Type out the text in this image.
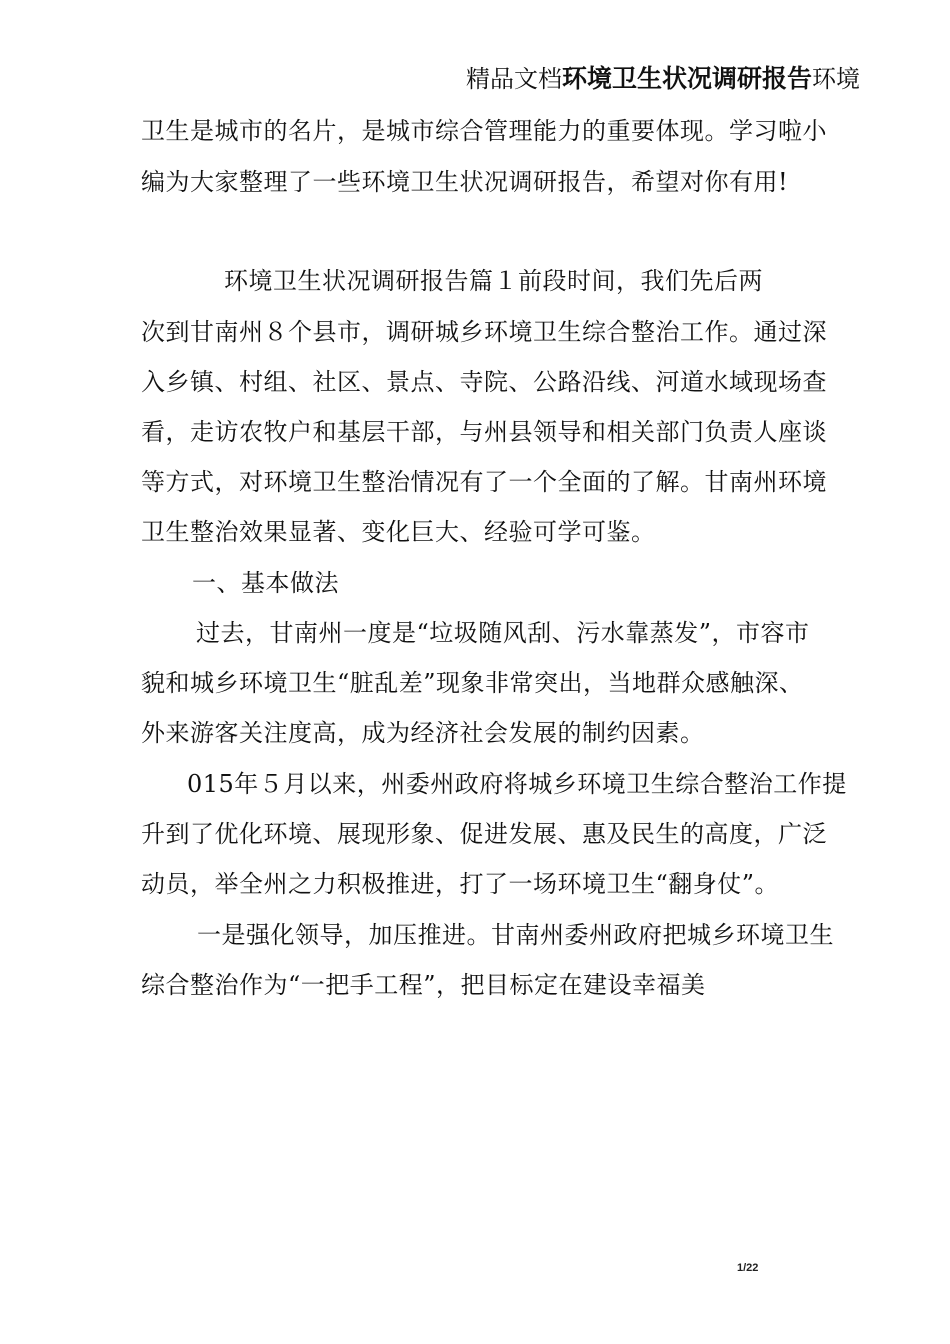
精品文档环境卫生状况调研报告环境
卫生是城市的名片，是城市综合管理能力的重要体现。学习啦小
编为大家整理了一些环境卫生状况调研报告，希望对你有用!
环境卫生状况调研报告篇１前段时间，我们先后两
次到甘南州８个县市，调研城乡环境卫生综合整治工作。通过深
入乡镇、村组、社区、景点、寺院、公路沿线、河道水域现场查
看，走访农牧户和基层干部，与州县领导和相关部门负责人座谈
等方式，对环境卫生整治情况有了一个全面的了解。甘南州环境
卫生整治效果显著、变化巨大、经验可学可鉴。
一、基本做法
过去，甘南州一度是“垃圾随风刮、污水靠蒸发”，市容市
貌和城乡环境卫生“脏乱差”现象非常突出，当地群众感触深、
外来游客关注度高，成为经济社会发展的制约因素。
015年５月以来，州委州政府将城乡环境卫生综合整治工作提
升到了优化环境、展现形象、促进发展、惠及民生的高度，广泛
动员，举全州之力积极推进，打了一场环境卫生“翻身仗”。
一是强化领导，加压推进。甘南州委州政府把城乡环境卫生
综合整治作为“一把手工程”，把目标定在建设幸福美
1/22
